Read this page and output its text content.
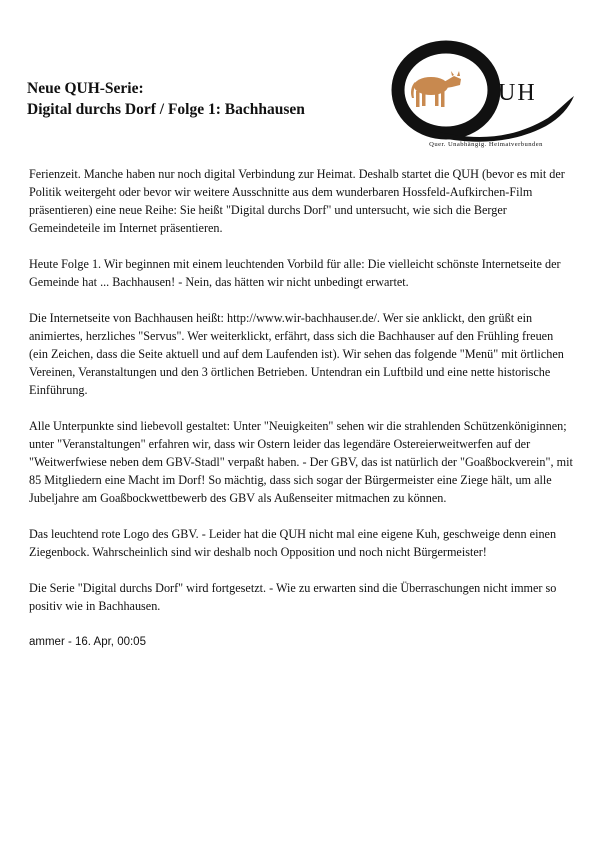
Neue QUH-Serie:
Digital durchs Dorf / Folge 1: Bachhausen
UH
Quer. Unabhängig. Heimatverbunden

Ferienzeit. Manche haben nur noch digital Verbindung zur Heimat. Deshalb startet die QUH (bevor es mit der Politik weitergeht oder bevor wir weitere Ausschnitte aus dem wunderbaren Hossfeld-Aufkirchen-Film präsentieren) eine neue Reihe: Sie heißt "Digital durchs Dorf" und untersucht, wie sich die Berger Gemeindeteile im Internet präsentieren.

Heute Folge 1. Wir beginnen mit einem leuchtenden Vorbild für alle: Die vielleicht schönste Internetseite der Gemeinde hat ... Bachhausen! - Nein, das hätten wir nicht unbedingt erwartet.

Die Internetseite von Bachhausen heißt: http://www.wir-bachhauser.de/. Wer sie anklickt, den grüßt ein animiertes, herzliches "Servus". Wer weiterklickt, erfährt, dass sich die Bachhauser auf den Frühling freuen (ein Zeichen, dass die Seite aktuell und auf dem Laufenden ist). Wir sehen das folgende "Menü" mit örtlichen Vereinen, Veranstaltungen und den 3 örtlichen Betrieben. Untendran ein Luftbild und eine nette historische Einführung.

Alle Unterpunkte sind liebevoll gestaltet: Unter "Neuigkeiten" sehen wir die strahlenden Schützenköniginnen; unter "Veranstaltungen" erfahren wir, dass wir Ostern leider das legendäre Ostereierweitwerfen auf der "Weitwerfwiese neben dem GBV-Stadl" verpaßt haben. - Der GBV, das ist natürlich der "Goaßbockverein", mit 85 Mitgliedern eine Macht im Dorf! So mächtig, dass sich sogar der Bürgermeister eine Ziege hält, um alle Jubeljahre am Goaßbockwettbewerb des GBV als Außenseiter mitmachen zu können.

Das leuchtend rote Logo des GBV. - Leider hat die QUH nicht mal eine eigene Kuh, geschweige denn einen Ziegenbock. Wahrscheinlich sind wir deshalb noch Opposition und noch nicht Bürgermeister!

Die Serie "Digital durchs Dorf" wird fortgesetzt. - Wie zu erwarten sind die Überraschungen nicht immer so positiv wie in Bachhausen.

ammer - 16. Apr, 00:05
